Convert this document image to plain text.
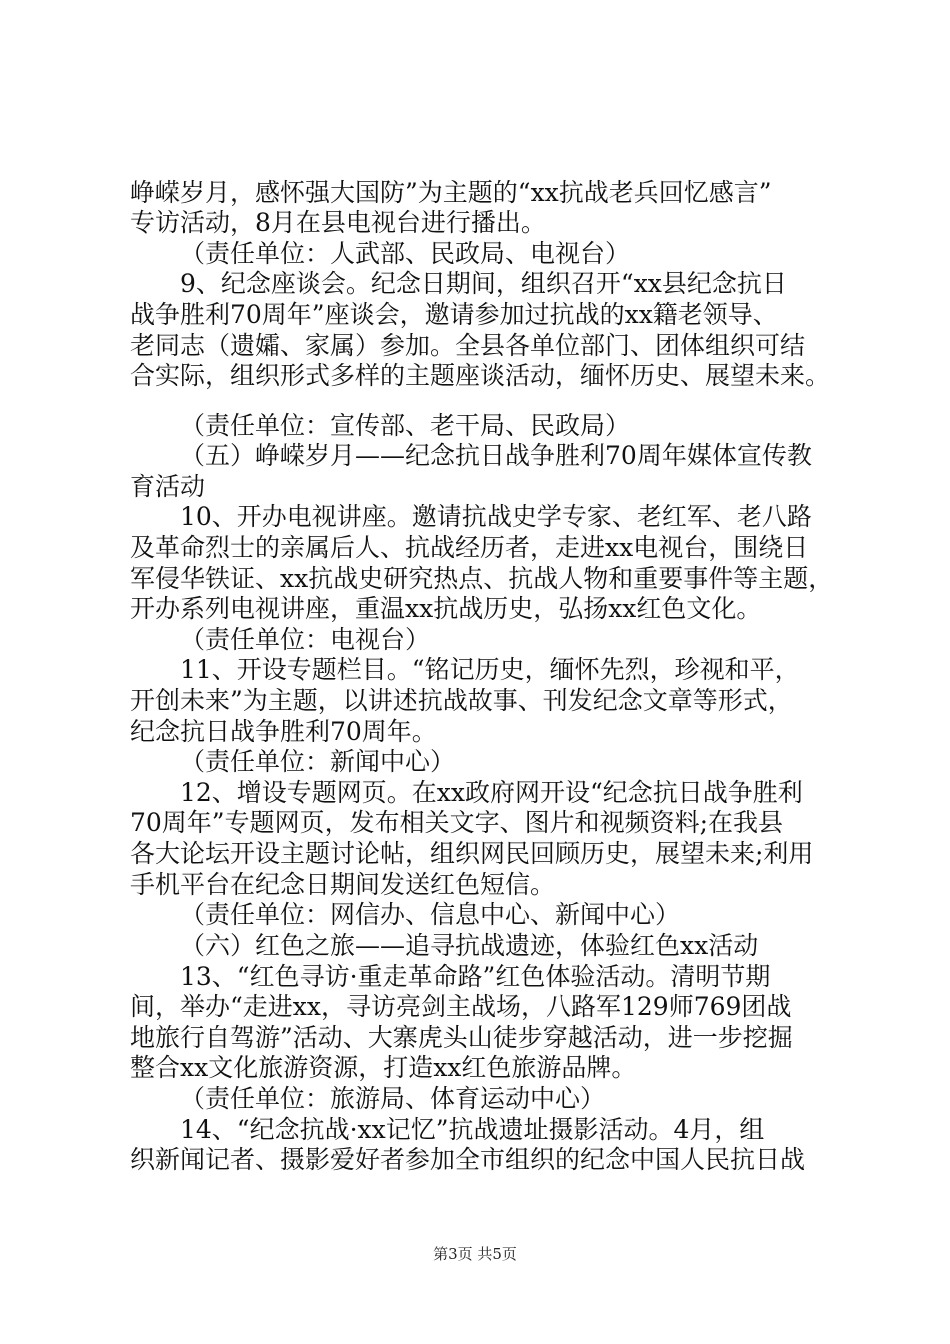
峥嵘岁月，感怀强大国防”为主题的“xx抗战老兵回忆感言”
专访活动，8月在县电视台进行播出。
（责任单位：人武部、民政局、电视台）
9、纪念座谈会。纪念日期间，组织召开“xx县纪念抗日
战争胜利70周年”座谈会，邀请参加过抗战的xx籍老领导、
老同志（遗孀、家属）参加。全县各单位部门、团体组织可结
合实际，组织形式多样的主题座谈活动，缅怀历史、展望未来。
（责任单位：宣传部、老干局、民政局）
（五）峥嵘岁月——纪念抗日战争胜利70周年媒体宣传教
育活动
10、开办电视讲座。邀请抗战史学专家、老红军、老八路
及革命烈士的亲属后人、抗战经历者，走进xx电视台，围绕日
军侵华铁证、xx抗战史研究热点、抗战人物和重要事件等主题，
开办系列电视讲座，重温xx抗战历史，弘扬xx红色文化。
（责任单位：电视台）
11、开设专题栏目。“铭记历史，缅怀先烈，珍视和平，
开创未来”为主题，以讲述抗战故事、刊发纪念文章等形式，
纪念抗日战争胜利70周年。
（责任单位：新闻中心）
12、增设专题网页。在xx政府网开设“纪念抗日战争胜利
70周年”专题网页，发布相关文字、图片和视频资料;在我县
各大论坛开设主题讨论帖，组织网民回顾历史，展望未来;利用
手机平台在纪念日期间发送红色短信。
（责任单位：网信办、信息中心、新闻中心）
（六）红色之旅——追寻抗战遗迹，体验红色xx活动
13、“红色寻访·重走革命路”红色体验活动。清明节期
间，举办“走进xx，寻访亮剑主战场，八路军129师769团战
地旅行自驾游”活动、大寨虎头山徒步穿越活动，进一步挖掘
整合xx文化旅游资源，打造xx红色旅游品牌。
（责任单位：旅游局、体育运动中心）
14、“纪念抗战·xx记忆”抗战遗址摄影活动。4月，组
织新闻记者、摄影爱好者参加全市组织的纪念中国人民抗日战
第3页 共5页
